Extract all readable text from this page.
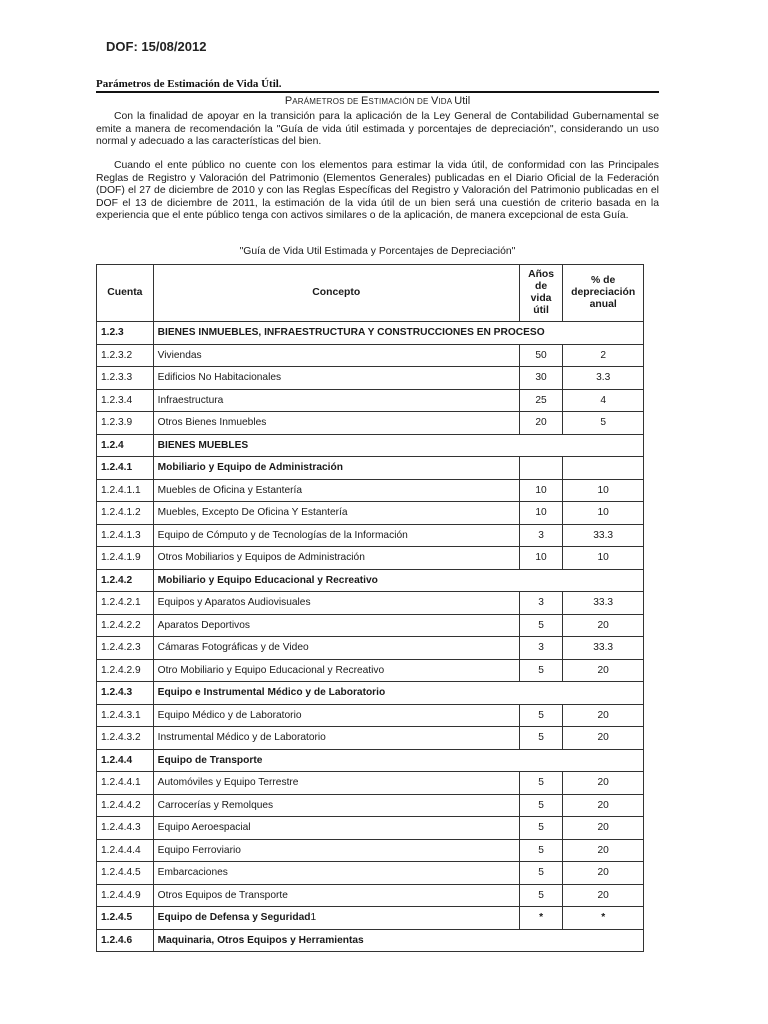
DOF: 15/08/2012
Parámetros de Estimación de Vida Útil.
PARÁMETROS DE ESTIMACIÓN DE VIDA Util

Con la finalidad de apoyar en la transición para la aplicación de la Ley General de Contabilidad Gubernamental se emite a manera de recomendación la "Guía de vida útil estimada y porcentajes de depreciación", considerando un uso normal y adecuado a las características del bien.

Cuando el ente público no cuente con los elementos para estimar la vida útil, de conformidad con las Principales Reglas de Registro y Valoración del Patrimonio (Elementos Generales) publicadas en el Diario Oficial de la Federación (DOF) el 27 de diciembre de 2010 y con las Reglas Específicas del Registro y Valoración del Patrimonio publicadas en el DOF el 13 de diciembre de 2011, la estimación de la vida útil de un bien será una cuestión de criterio basada en la experiencia que el ente público tenga con activos similares o de la aplicación, de manera excepcional de esta Guía.

"Guía de Vida Util Estimada y Porcentajes de Depreciación"
Cuenta	Concepto	Años de vida útil	% de depreciación anual
1.2.3	BIENES INMUEBLES, INFRAESTRUCTURA Y CONSTRUCCIONES EN PROCESO		
1.2.3.2	Viviendas	50	2
1.2.3.3	Edificios No Habitacionales	30	3.3
1.2.3.4	Infraestructura	25	4
1.2.3.9	Otros Bienes Inmuebles	20	5
1.2.4	BIENES MUEBLES		
1.2.4.1	Mobiliario y Equipo de Administración		
1.2.4.1.1	Muebles de Oficina y Estantería	10	10
1.2.4.1.2	Muebles, Excepto De Oficina Y Estantería	10	10
1.2.4.1.3	Equipo de Cómputo y de Tecnologías de la Información	3	33.3
1.2.4.1.9	Otros Mobiliarios y Equipos de Administración	10	10
1.2.4.2	Mobiliario y Equipo Educacional y Recreativo		
1.2.4.2.1	Equipos y Aparatos Audiovisuales	3	33.3
1.2.4.2.2	Aparatos Deportivos	5	20
1.2.4.2.3	Cámaras Fotográficas y de Video	3	33.3
1.2.4.2.9	Otro Mobiliario y Equipo Educacional y Recreativo	5	20
1.2.4.3	Equipo e Instrumental Médico y de Laboratorio		
1.2.4.3.1	Equipo Médico y de Laboratorio	5	20
1.2.4.3.2	Instrumental Médico y de Laboratorio	5	20
1.2.4.4	Equipo de Transporte		
1.2.4.4.1	Automóviles y Equipo Terrestre	5	20
1.2.4.4.2	Carrocerías y Remolques	5	20
1.2.4.4.3	Equipo Aeroespacial	5	20
1.2.4.4.4	Equipo Ferroviario	5	20
1.2.4.4.5	Embarcaciones	5	20
1.2.4.4.9	Otros Equipos de Transporte	5	20
1.2.4.5	Equipo de Defensa y Seguridad1	*	*
1.2.4.6	Maquinaria, Otros Equipos y Herramientas		
